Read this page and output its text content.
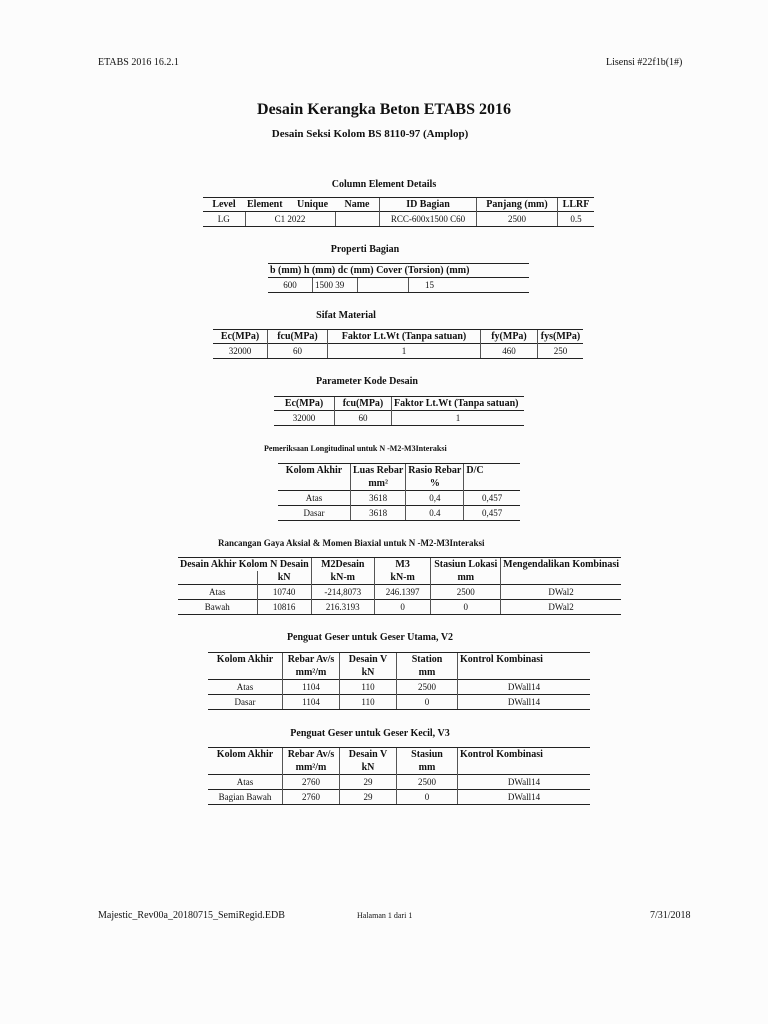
ETABS 2016 16.2.1	Lisensi #22f1b(1#)
Desain Kerangka Beton ETABS 2016
Desain Seksi Kolom BS 8110-97 (Amplop)
Column Element Details
Level	Element	Unique	Name	ID Bagian	Panjang (mm)	LLRF
LG	C1 2022			RCC-600x1500 C60	2500	0.5
Properti Bagian
b (mm) h (mm) dc (mm) Cover (Torsion) (mm)
600	1500 39		15
Sifat Material
Ec(MPa)	fcu(MPa)	Faktor Lt.Wt (Tanpa satuan)	fy(MPa)	fys(MPa)
32000	60	1	460	250
Parameter Kode Desain
Ec(MPa)	fcu(MPa)	Faktor Lt.Wt (Tanpa satuan)
32000	60	1
Pemeriksaan Longitudinal untuk N -M2-M3Interaksi
Kolom Akhir	Luas Rebar	Rasio Rebar	D/C
	mm²	%	
Atas	3618	0,4	0,457
Dasar	3618	0.4	0,457
Rancangan Gaya Aksial & Momen Biaxial untuk N -M2-M3Interaksi
Desain Akhir Kolom N Desain		M2Desain	M3	Stasiun Lokasi	Mengendalikan Kombinasi
	kN	kN-m	kN-m	mm	
Atas	10740	-214,8073	246.1397	2500	DWal2
Bawah	10816	216.3193	0	0	DWal2
Penguat Geser untuk Geser Utama, V2
Kolom Akhir	Rebar Av/s	Desain V	Station	Kontrol Kombinasi
	mm²/m	kN	mm	
Atas	1104	110	2500	DWall14
Dasar	1104	110	0	DWall14
Penguat Geser untuk Geser Kecil, V3
Kolom Akhir	Rebar Av/s	Desain V	Stasiun	Kontrol Kombinasi
	mm²/m	kN	mm	
Atas	2760	29	2500	DWall14
Bagian Bawah	2760	29	0	DWall14
Majestic_Rev00a_20180715_SemiRegid.EDB	Halaman 1 dari 1	7/31/2018
